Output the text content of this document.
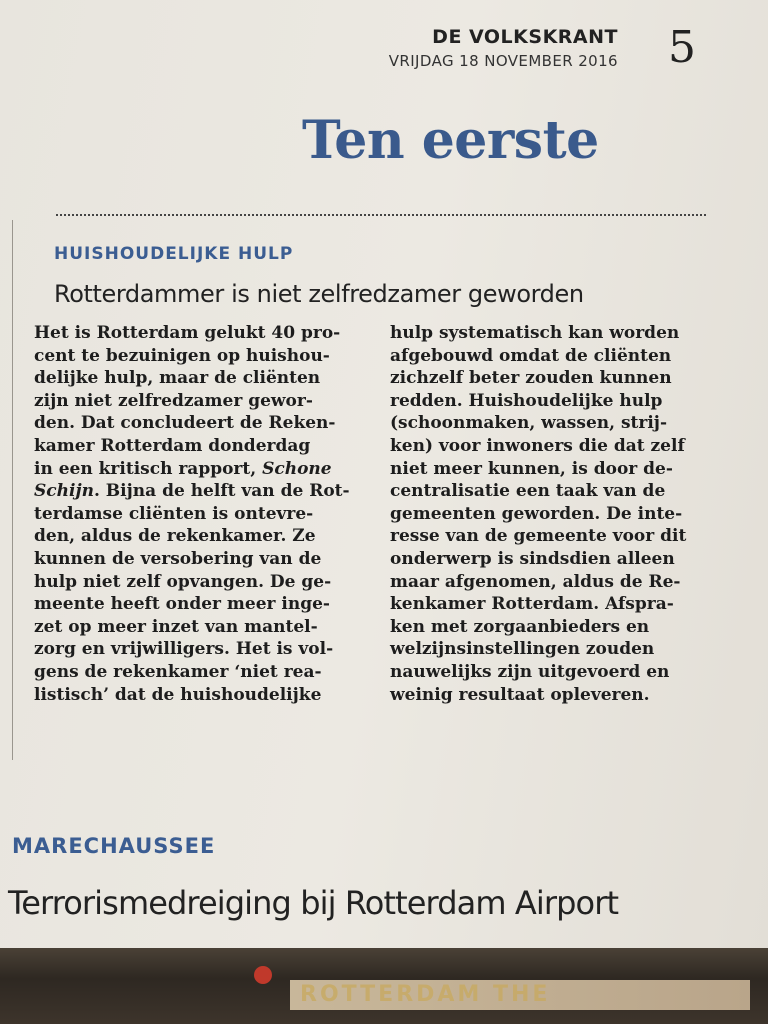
DE VOLKSKRANT
VRIJDAG 18 NOVEMBER 2016 5
Ten eerste
HUISHOUDELIJKE HULP
Rotterdammer is niet zelfredzamer geworden
Het is Rotterdam gelukt 40 pro-
cent te bezuinigen op huishou-
delijke hulp, maar de cliënten
zijn niet zelfredzamer gewor-
den. Dat concludeert de Reken-
kamer Rotterdam donderdag
in een kritisch rapport, Schone
Schijn. Bijna de helft van de Rot-
terdamse cliënten is ontevre-
den, aldus de rekenkamer. Ze
kunnen de versobering van de
hulp niet zelf opvangen. De ge-
meente heeft onder meer inge-
zet op meer inzet van mantel-
zorg en vrijwilligers. Het is vol-
gens de rekenkamer ‘niet rea-
listisch’ dat de huishoudelijke
hulp systematisch kan worden
afgebouwd omdat de cliënten
zichzelf beter zouden kunnen
redden. Huishoudelijke hulp
(schoonmaken, wassen, strij-
ken) voor inwoners die dat zelf
niet meer kunnen, is door de-
centralisatie een taak van de
gemeenten geworden. De inte-
resse van de gemeente voor dit
onderwerp is sindsdien alleen
maar afgenomen, aldus de Re-
kenkamer Rotterdam. Afspra-
ken met zorgaanbieders en
welzijnsinstellingen zouden
nauwelijks zijn uitgevoerd en
weinig resultaat opleveren.
MARECHAUSSEE
Terrorismedreiging bij Rotterdam Airport
ROTTERDAM THE
